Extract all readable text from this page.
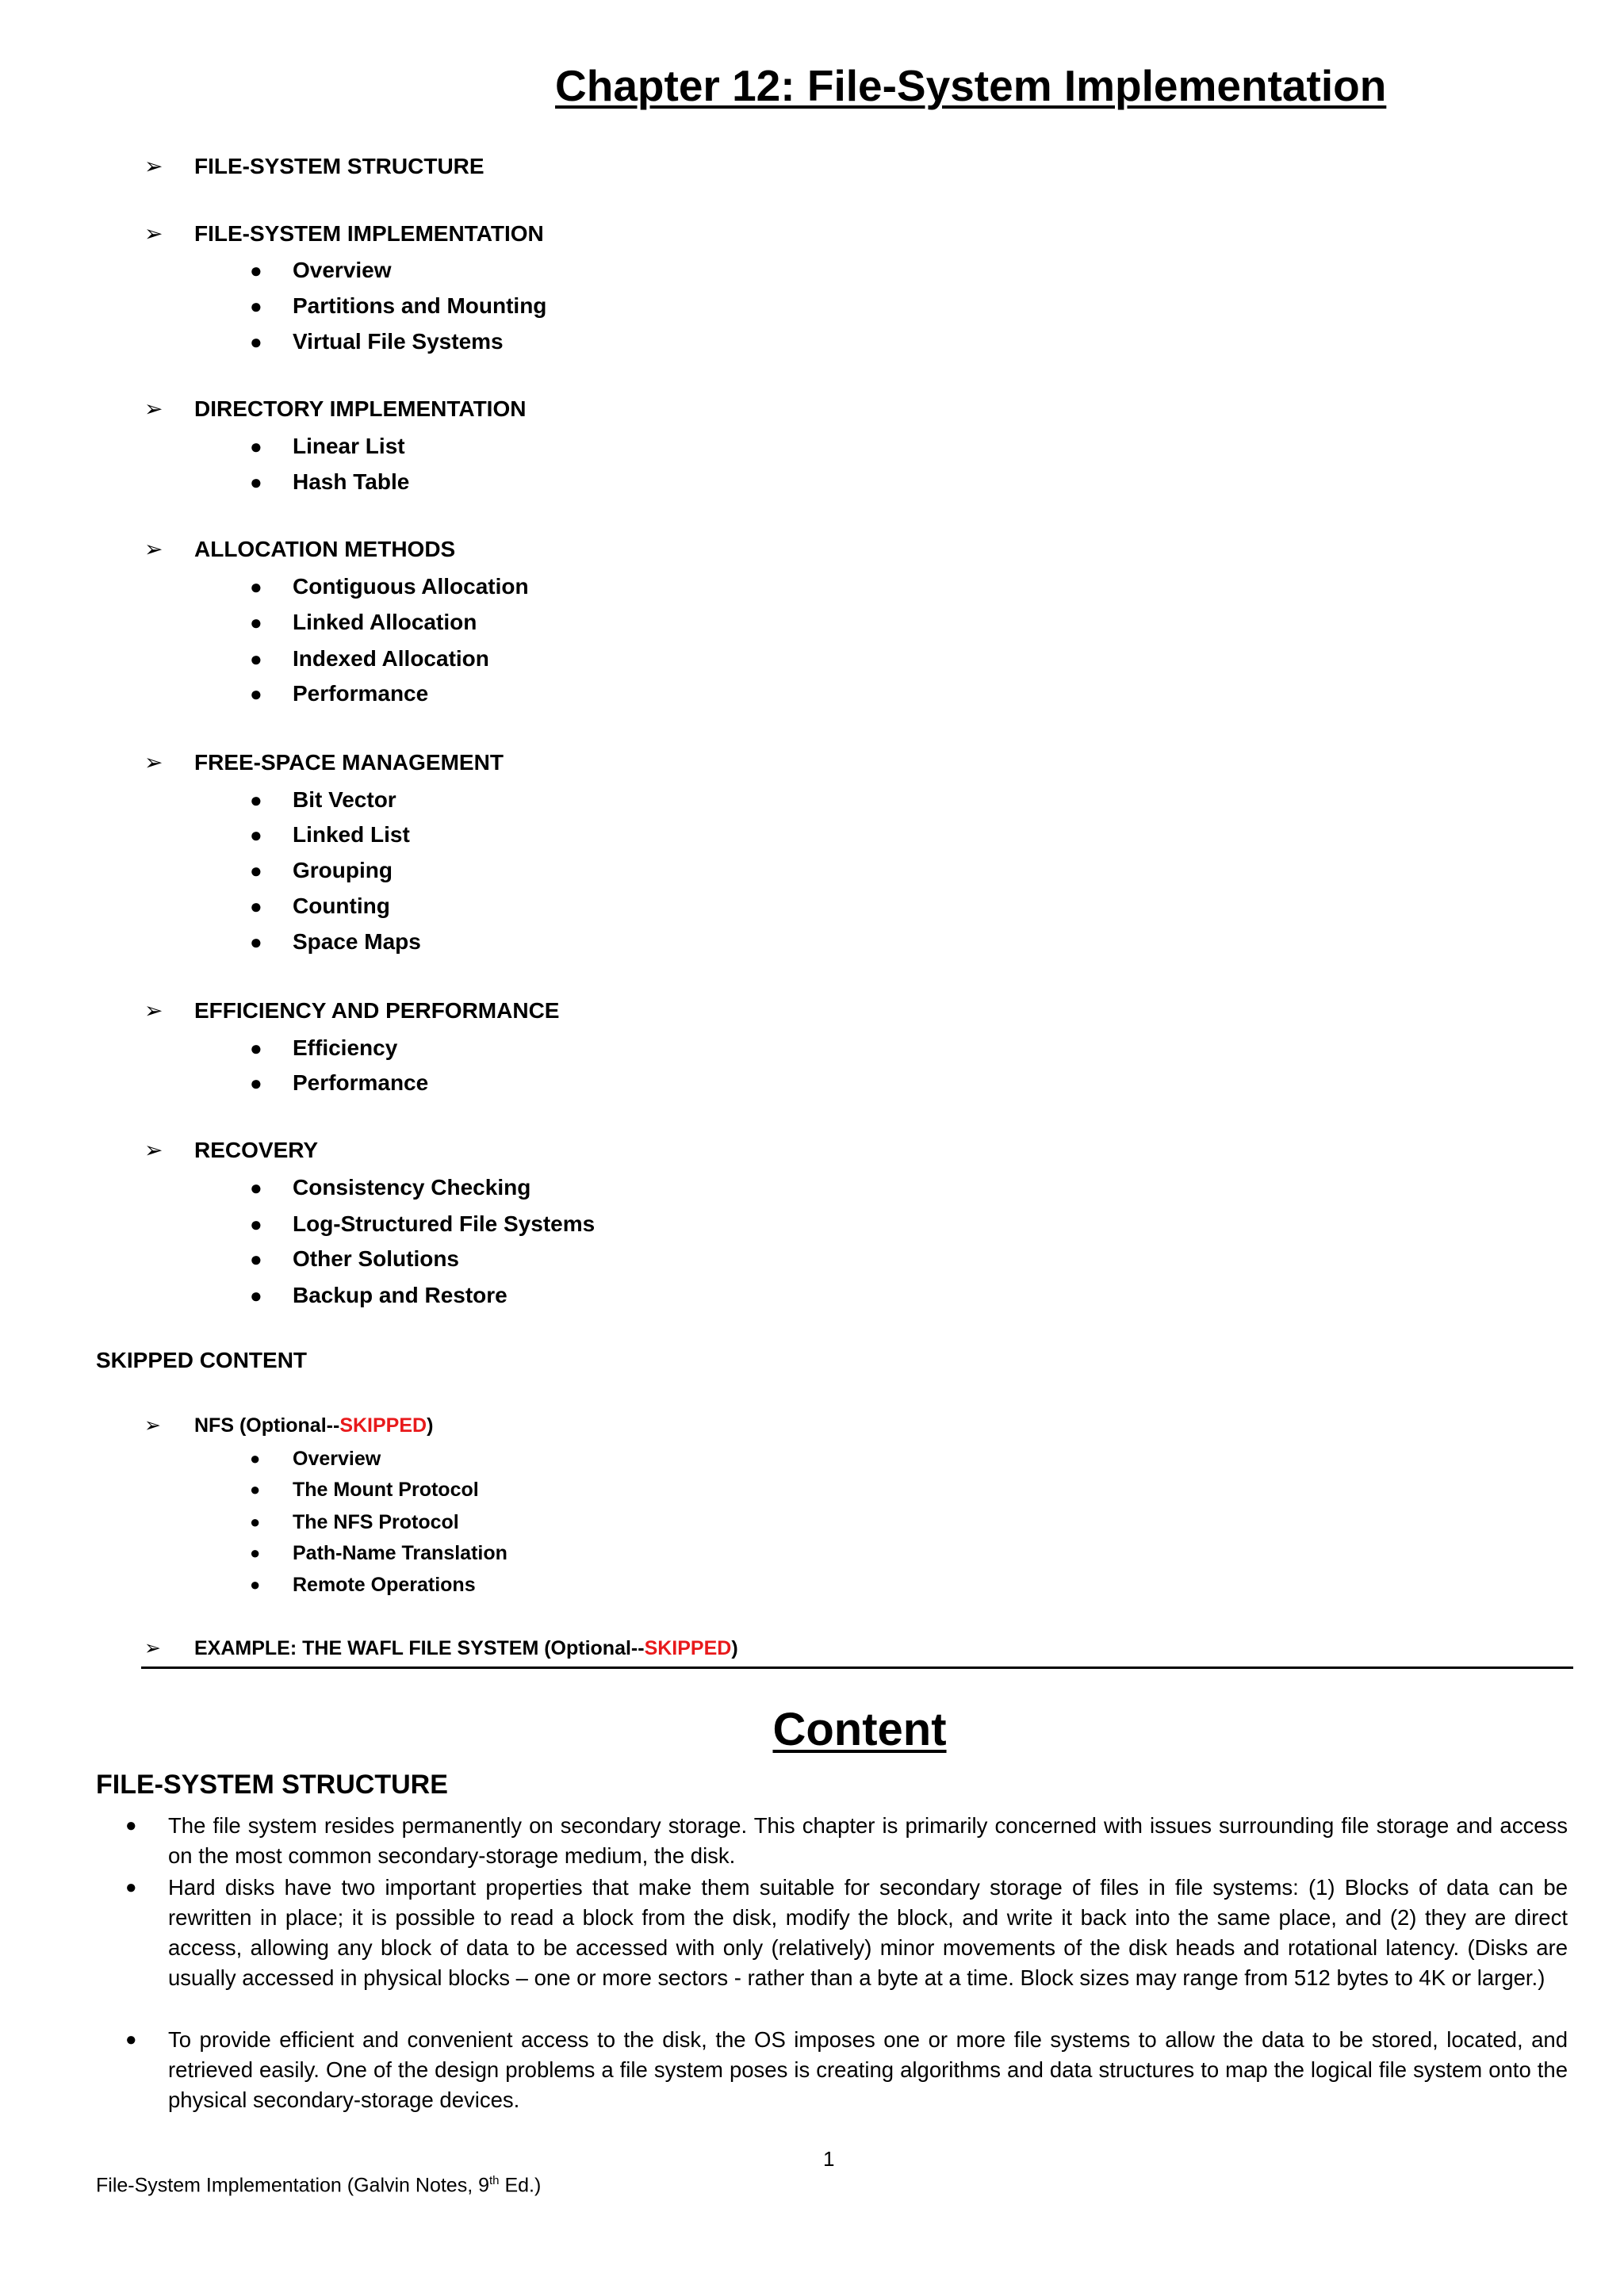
Chapter 12: File-System Implementation
➢ FILE-SYSTEM STRUCTURE
➢ FILE-SYSTEM IMPLEMENTATION
● Overview
● Partitions and Mounting
● Virtual File Systems
➢ DIRECTORY IMPLEMENTATION
● Linear List
● Hash Table
➢ ALLOCATION METHODS
● Contiguous Allocation
● Linked Allocation
● Indexed Allocation
● Performance
➢ FREE-SPACE MANAGEMENT
● Bit Vector
● Linked List
● Grouping
● Counting
● Space Maps
➢ EFFICIENCY AND PERFORMANCE
● Efficiency
● Performance
➢ RECOVERY
● Consistency Checking
● Log-Structured File Systems
● Other Solutions
● Backup and Restore
SKIPPED CONTENT
➢ NFS (Optional--SKIPPED)
● Overview
● The Mount Protocol
● The NFS Protocol
● Path-Name Translation
● Remote Operations
➢ EXAMPLE: THE WAFL FILE SYSTEM (Optional--SKIPPED)
Content
FILE-SYSTEM STRUCTURE
● The file system resides permanently on secondary storage. This chapter is primarily concerned with issues surrounding file storage and access on the most common secondary-storage medium, the disk.
● Hard disks have two important properties that make them suitable for secondary storage of files in file systems: (1) Blocks of data can be rewritten in place; it is possible to read a block from the disk, modify the block, and write it back into the same place, and (2) they are direct access, allowing any block of data to be accessed with only (relatively) minor movements of the disk heads and rotational latency. (Disks are usually accessed in physical blocks – one or more sectors - rather than a byte at a time. Block sizes may range from 512 bytes to 4K or larger.)
● To provide efficient and convenient access to the disk, the OS imposes one or more file systems to allow the data to be stored, located, and retrieved easily. One of the design problems a file system poses is creating algorithms and data structures to map the logical file system onto the physical secondary-storage devices.
1
File-System Implementation (Galvin Notes, 9th Ed.)
